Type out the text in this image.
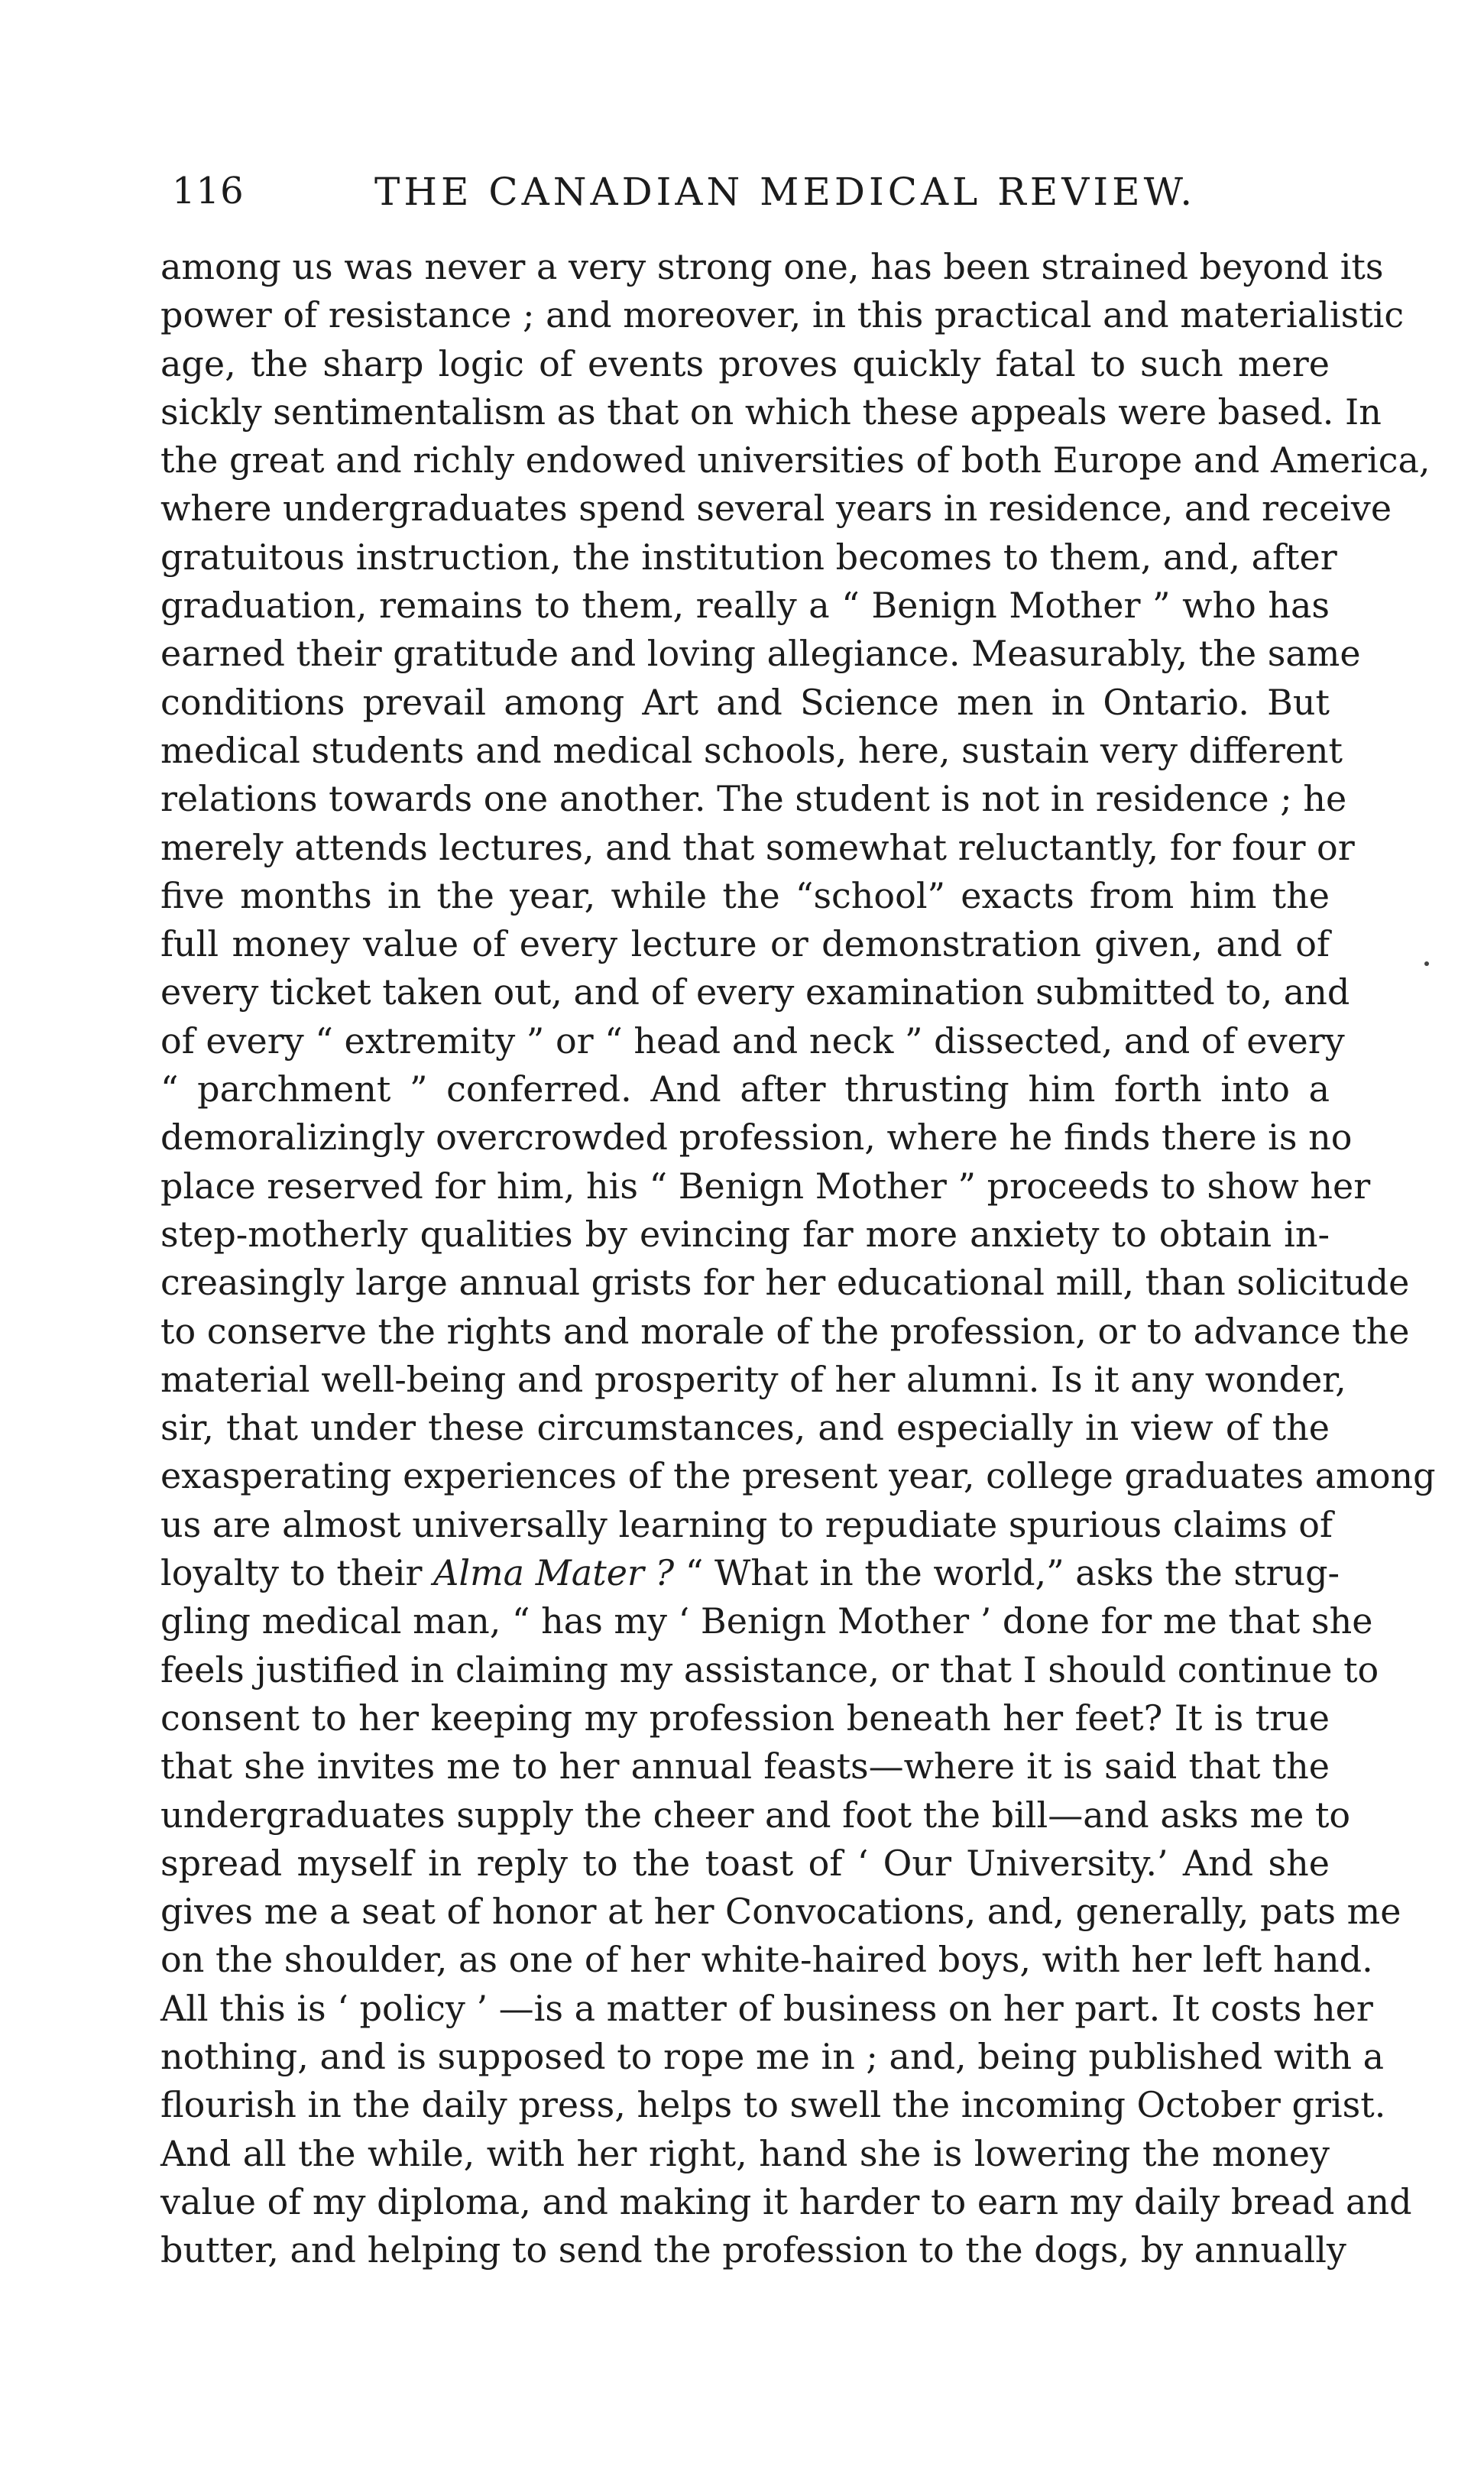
116	THE CANADIAN MEDICAL REVIEW.
among us was never a very strong one, has been strained beyond its
power of resistance ; and moreover, in this practical and materialistic
age, the sharp logic of events proves quickly fatal to such mere
sickly sentimentalism as that on which these appeals were based. In
the great and richly endowed universities of both Europe and America,
where undergraduates spend several years in residence, and receive
gratuitous instruction, the institution becomes to them, and, after
graduation, remains to them, really a “ Benign Mother ” who has
earned their gratitude and loving allegiance. Measurably, the same
conditions prevail among Art and Science men in Ontario. But
medical students and medical schools, here, sustain very different
relations towards one another. The student is not in residence ; he
merely attends lectures, and that somewhat reluctantly, for four or
five months in the year, while the “school” exacts from him the
full money value of every lecture or demonstration given, and of
every ticket taken out, and of every examination submitted to, and
of every “ extremity ” or “ head and neck ” dissected, and of every
“ parchment ” conferred. And after thrusting him forth into a
demoralizingly overcrowded profession, where he finds there is no
place reserved for him, his “ Benign Mother ” proceeds to show her
step-motherly qualities by evincing far more anxiety to obtain in-
creasingly large annual grists for her educational mill, than solicitude
to conserve the rights and morale of the profession, or to advance the
material well-being and prosperity of her alumni. Is it any wonder,
sir, that under these circumstances, and especially in view of the
exasperating experiences of the present year, college graduates among
us are almost universally learning to repudiate spurious claims of
loyalty to their Alma Mater ? “ What in the world,” asks the strug-
gling medical man, “ has my ‘ Benign Mother ’ done for me that she
feels justified in claiming my assistance, or that I should continue to
consent to her keeping my profession beneath her feet? It is true
that she invites me to her annual feasts—where it is said that the
undergraduates supply the cheer and foot the bill—and asks me to
spread myself in reply to the toast of ‘ Our University.’ And she
gives me a seat of honor at her Convocations, and, generally, pats me
on the shoulder, as one of her white-haired boys, with her left hand.
All this is ‘ policy ’ —is a matter of business on her part. It costs her
nothing, and is supposed to rope me in ; and, being published with a
flourish in the daily press, helps to swell the incoming October grist.
And all the while, with her right, hand she is lowering the money
value of my diploma, and making it harder to earn my daily bread and
butter, and helping to send the profession to the dogs, by annually
